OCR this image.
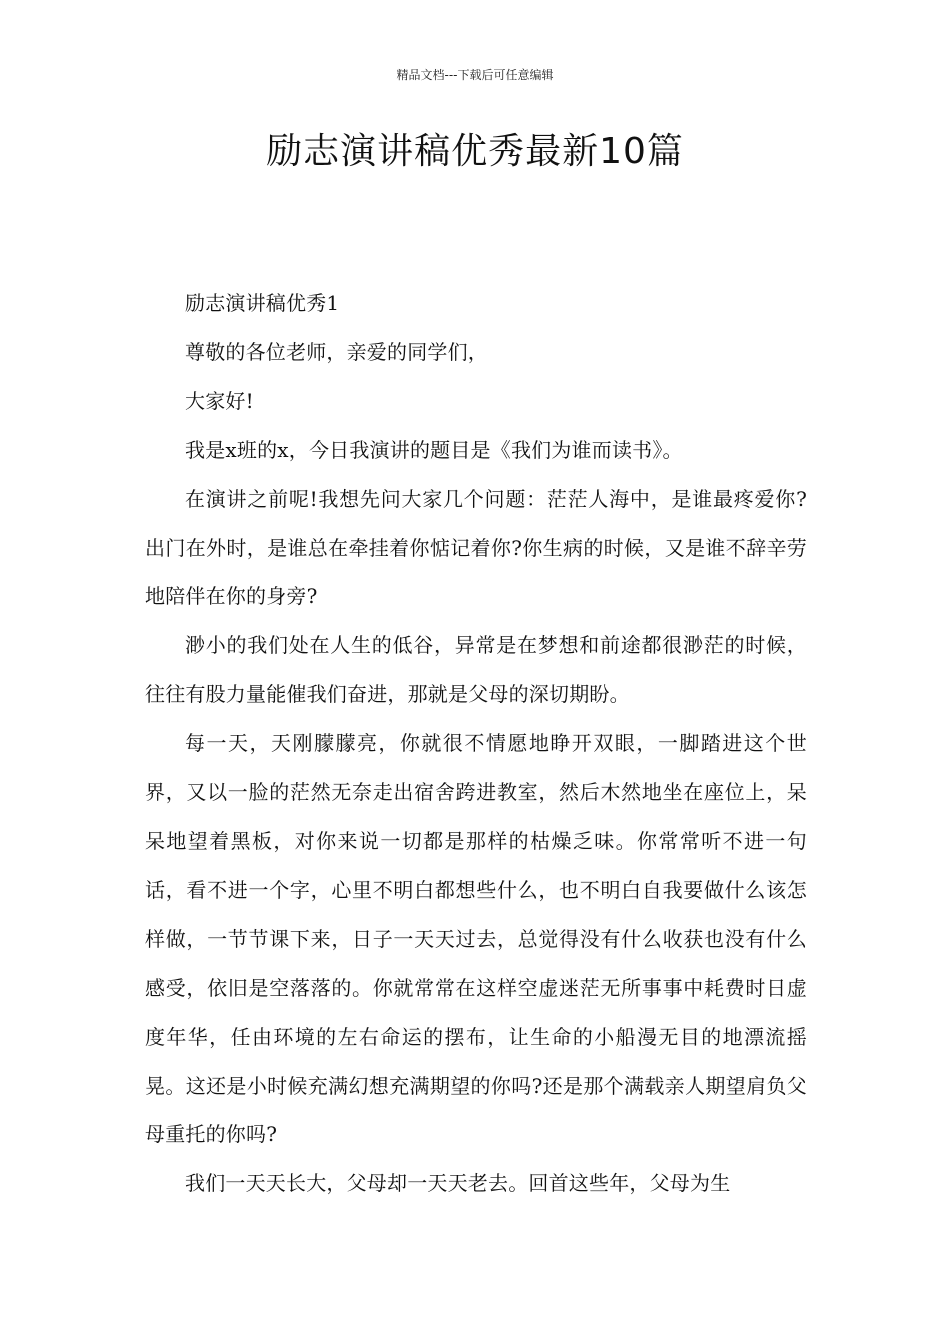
精品文档---下载后可任意编辑
励志演讲稿优秀最新10篇

励志演讲稿优秀1

尊敬的各位老师，亲爱的同学们，

大家好!

我是x班的x，今日我演讲的题目是《我们为谁而读书》。

在演讲之前呢!我想先问大家几个问题：茫茫人海中，是谁最疼爱你?出门在外时，是谁总在牵挂着你惦记着你?你生病的时候，又是谁不辞辛劳地陪伴在你的身旁?

渺小的我们处在人生的低谷，异常是在梦想和前途都很渺茫的时候，往往有股力量能催我们奋进，那就是父母的深切期盼。

每一天，天刚朦朦亮，你就很不情愿地睁开双眼，一脚踏进这个世界，又以一脸的茫然无奈走出宿舍跨进教室，然后木然地坐在座位上，呆呆地望着黑板，对你来说一切都是那样的枯燥乏味。你常常听不进一句话，看不进一个字，心里不明白都想些什么，也不明白自我要做什么该怎样做，一节节课下来，日子一天天过去，总觉得没有什么收获也没有什么感受，依旧是空落落的。你就常常在这样空虚迷茫无所事事中耗费时日虚度年华，任由环境的左右命运的摆布，让生命的小船漫无目的地漂流摇晃。这还是小时候充满幻想充满期望的你吗?还是那个满载亲人期望肩负父母重托的你吗?

我们一天天长大，父母却一天天老去。回首这些年，父母为生
